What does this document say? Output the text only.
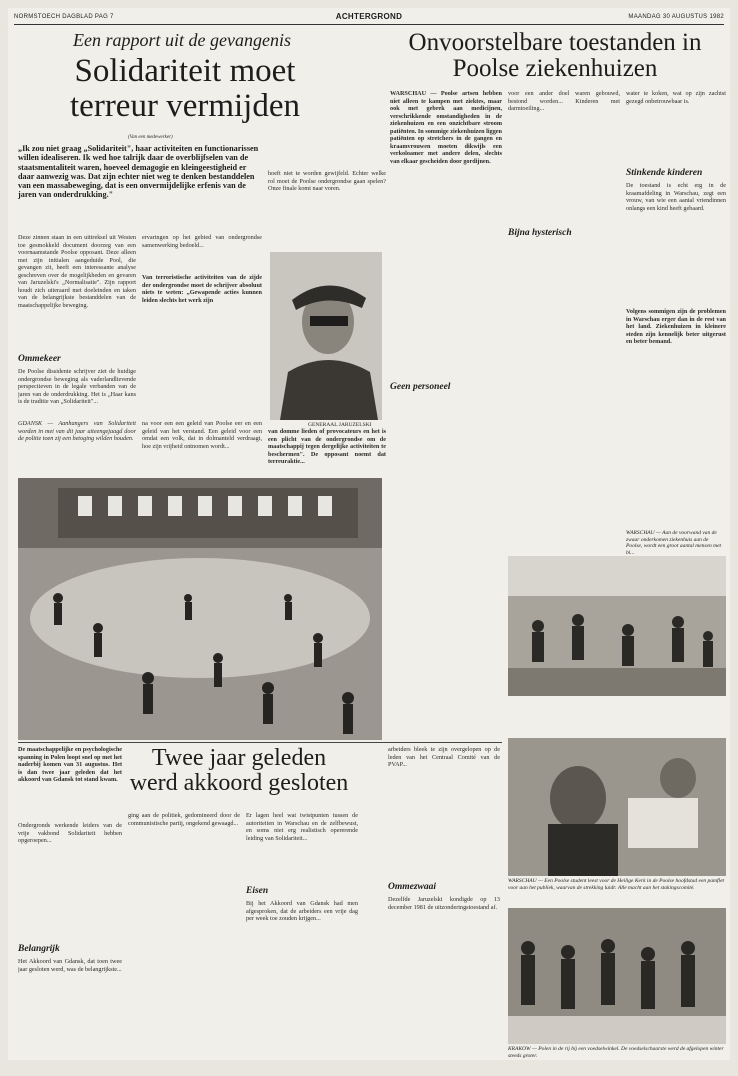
NORMSTOECH DAGBLAD PAG 7	ACHTERGROND	MAANDAG 30 AUGUSTUS 1982
Een rapport uit de gevangenis
Solidariteit moet terreur vermijden
(Van een medewerker)
„Ik zou niet graag „Solidariteit", haar activiteiten en functionarissen willen idealiseren. Ik wed hoe talrijk daar de overblijfselen van de staatsmentaliteit waren, hoeveel demagogie en kleingeestigheid er daar aanwezig was. Dat zijn echter niet weg te denken bestanddelen van een massabeweging, dat is een onvermijdelijke erfenis van de jaren van onderdrukking."
Onvoorstelbare toestanden in Poolse ziekenhuizen
Deze zinnen staan in een uittreksel uit Westen toe gesmokkeld document doorzeg van een voornaamstande Poolse opposant. Deze alleen met zijn initialen aangeduide Pool, die gevangen zit, heeft een interessante analyse geschreven over de mogelijkheden en gevaren van Jaruzelski's „Normalisatie". Zijn rapport houdt zich uiteraard met doeleinden en taken van de belangrijkste bestanddelen van de maatschappelijke beweging.
Ommekeer
De Poolse dissidente schrijver ziet de huidige ondergrondse beweging als vaderlandlievende perspectieven in de legale verbanden van de jaren van de onderdrukking. Het is „Haar kans is de traditie van „Solidariteit"...
ervaringen op het gebied van ondergrondse samenwerking bedoeld...
Van terroristische activiteiten van de zijde der ondergrondse moet de schrijver absoluut niets te weten: „Gewapende acties kunnen leiden slechts het werk zijn
hoeft niet te worden gewijfeld. Echter welke rol moet de Poolse ondergrondse gaan spelen? Onze finale komt naar voren.
GENERAAL JARUZELSKI
GDANSK — Aanhangers van Solidariteit worden in mei van dit jaar uiteengejaagd door de politie toen zij een betoging wilden houden.
na voor een een geleid van Poolse eer en een geleid van het verstand. Een geleid voor een omdat een volk, dat in dolmanteld verdraagt, hoe zijn vrijheid ontnomen wordt...
van domme lieden of provocateurs en het is een plicht van de ondergrondse om de maatschappij tegen dergelijke activiteiten te beschermen". De opposant noemt dat terreuraktie...
WARSCHAU — Poolse artsen hebben niet alleen te kampen met ziektes, maar ook met gebrek aan medicijnen, verschrikkende omstandigheden in de ziekenhuizen en een onzichtbare stroom patiënten. In sommige ziekenhuizen liggen patiënten op stretchers in de gangen en kraamvrouwen moeten dikwijls een verkoloamer met andere delen, slechts van elkaar gescheiden door gordijnen.
Geen personeel
voor een ander doel waren gebouwd, bestond worden... Kinderen met darmtoeiling...
Bijna hysterisch
water te koken, wat op zijn zachtst gezegd onbetrouwbaar is.
Stinkende kinderen
De toestand is echt erg in de kraamafdeling in Warschau, zegt een vrouw, van wie een aantal vriendinnen onlangs een kind heeft gebaard.
Volgens sommigen zijn de problemen in Warschau erger dan in de rest van het land. Ziekenhuizen in kleinere steden zijn kennelijk beter uitgerust en beter bemand.
WARSCHAU — Aan de voorwand van de zwaar onderkomen ziekenhuis aan de Poolse, wordt een groot aantal mensen met bl...
WARSCHAU — Een Poolse student leest voor de Heilige Kerk in de Poolse hoofdstad een pamflet voor aan het publiek, waarvan de strekking luidt: Alle macht aan het stakingscomité.
KRAKOW — Polen in de rij bij een voedselwinkel. De voedselschaarste werd de afgelopen winter steeds groter.
De maatschappelijke en psychologische spanning in Polen loopt snel op met het naderbij komen van 31 augustus. Het is dan twee jaar geleden dat het akkoord van Gdansk tot stand kwam.
Twee jaar geleden werd akkoord gesloten
Ondergronds werkende leiders van de vrije vakbond Solidariteit hebben opgeroepen...
Belangrijk
Het Akkoord van Gdansk, dat toen twee jaar gesloten werd, was de belangrijkste...
ging aan de politiek, gedomineerd door de communistische partij, ongekend gewaagd...
Er lagen heel wat twistpunten tussen de autoriteiten in Warschau en de zelfbewust, en soms niet erg realistisch opererende leiding van Solidariteit...
Eisen
Bij het Akkoord van Gdansk had men afgesproken, dat de arbeiders een vrije dag per week toe zouden krijgen...
arbeiders bleek te zijn overgelopen op de leden van het Centraal Comité van de PVAP...
Ommezwaai
Dezelfde Jaruzelski kondigde op 13 december 1981 de uitzonderingstoestand af.
